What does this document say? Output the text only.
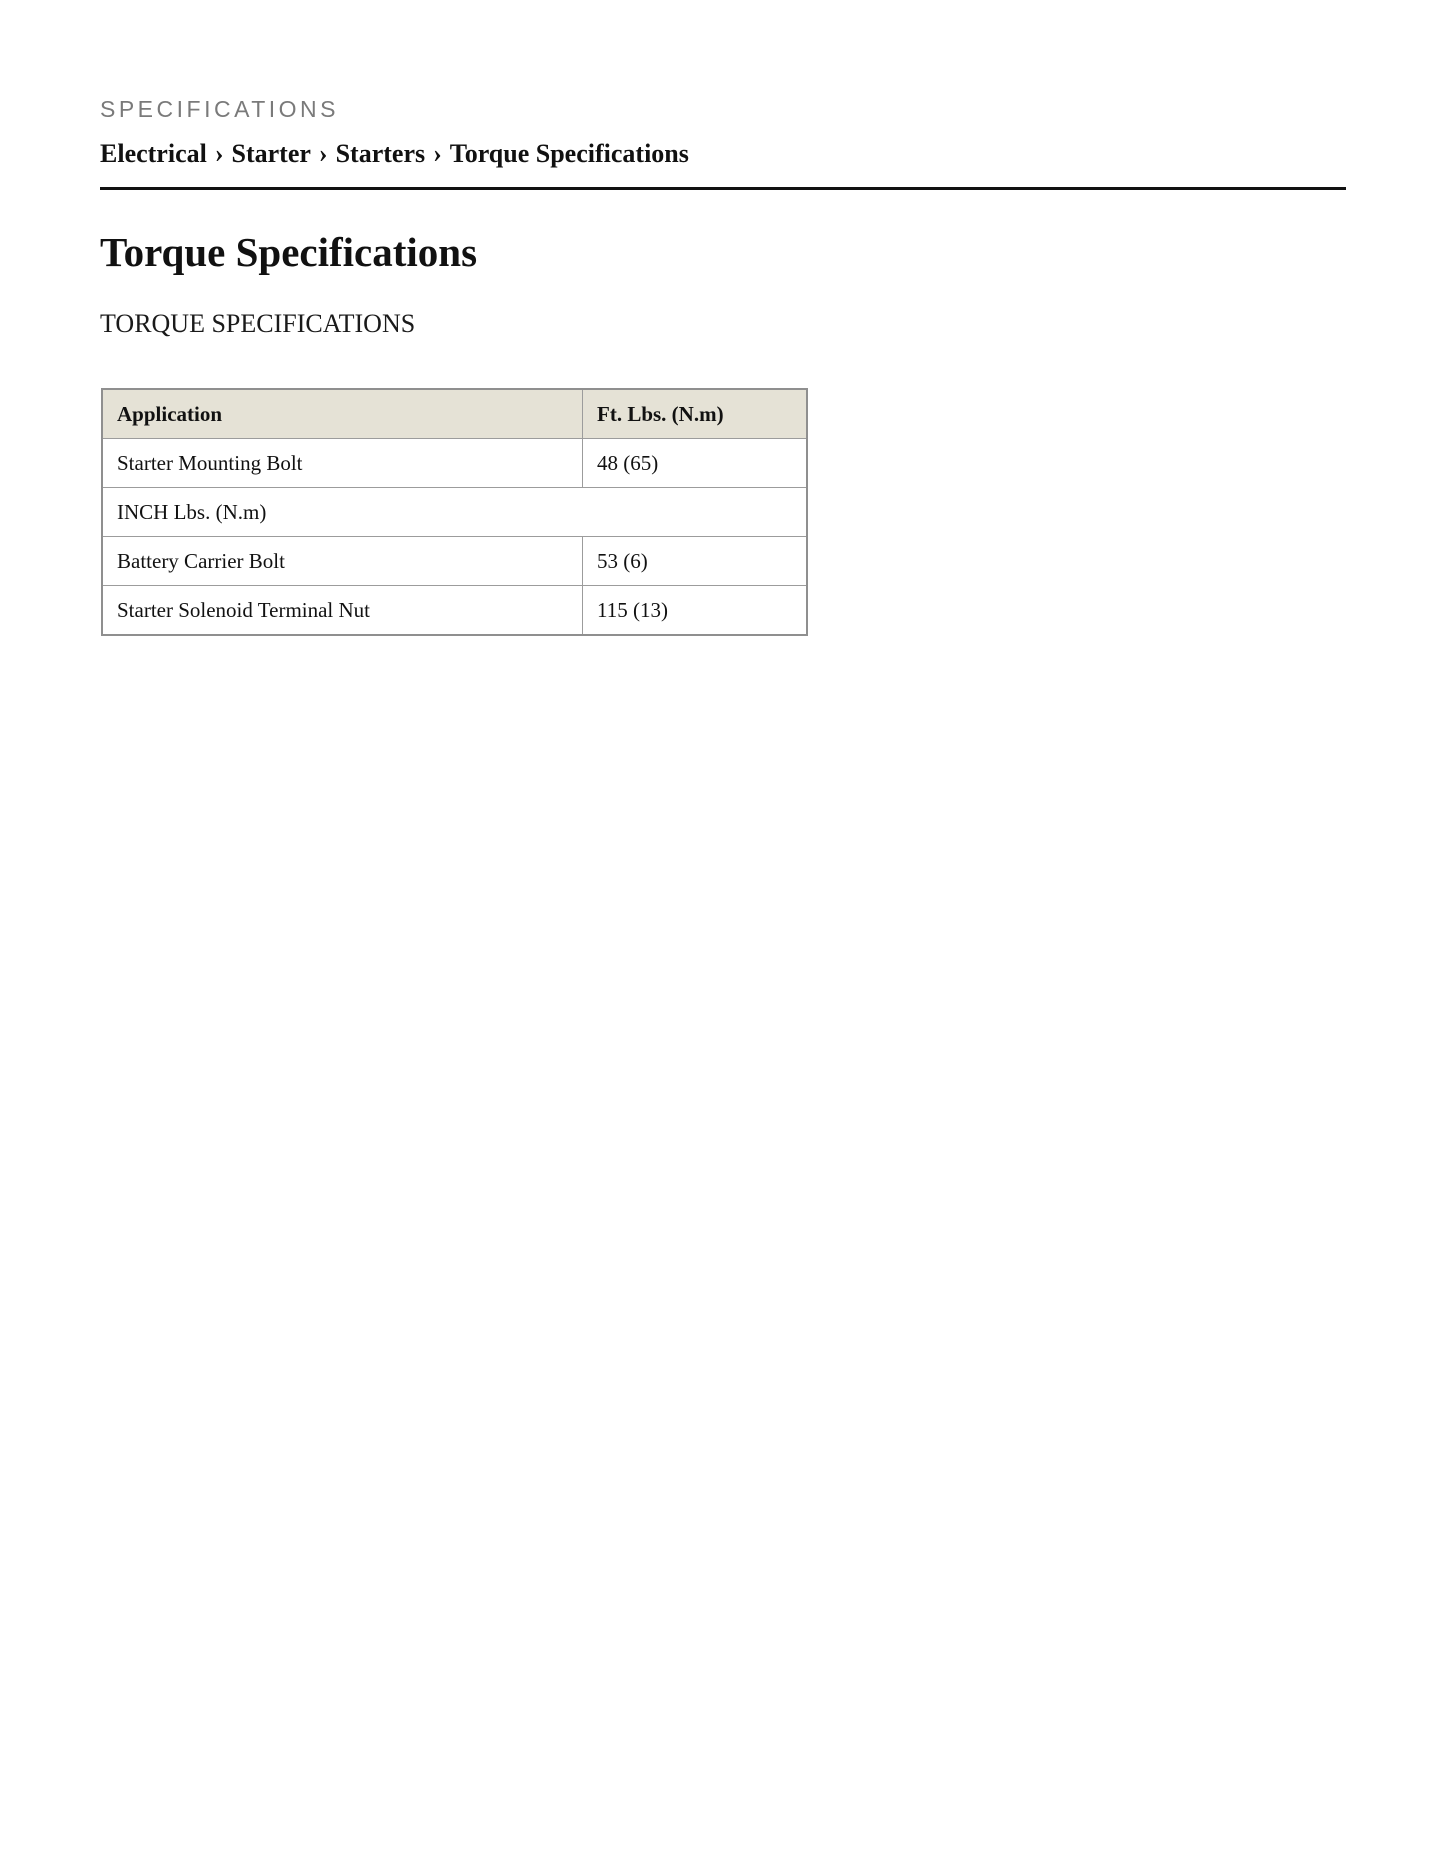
SPECIFICATIONS
Electrical › Starter › Starters › Torque Specifications
Torque Specifications
TORQUE SPECIFICATIONS
Application	Ft. Lbs. (N.m)
Starter Mounting Bolt	48 (65)
INCH Lbs. (N.m)	
Battery Carrier Bolt	53 (6)
Starter Solenoid Terminal Nut	115 (13)
